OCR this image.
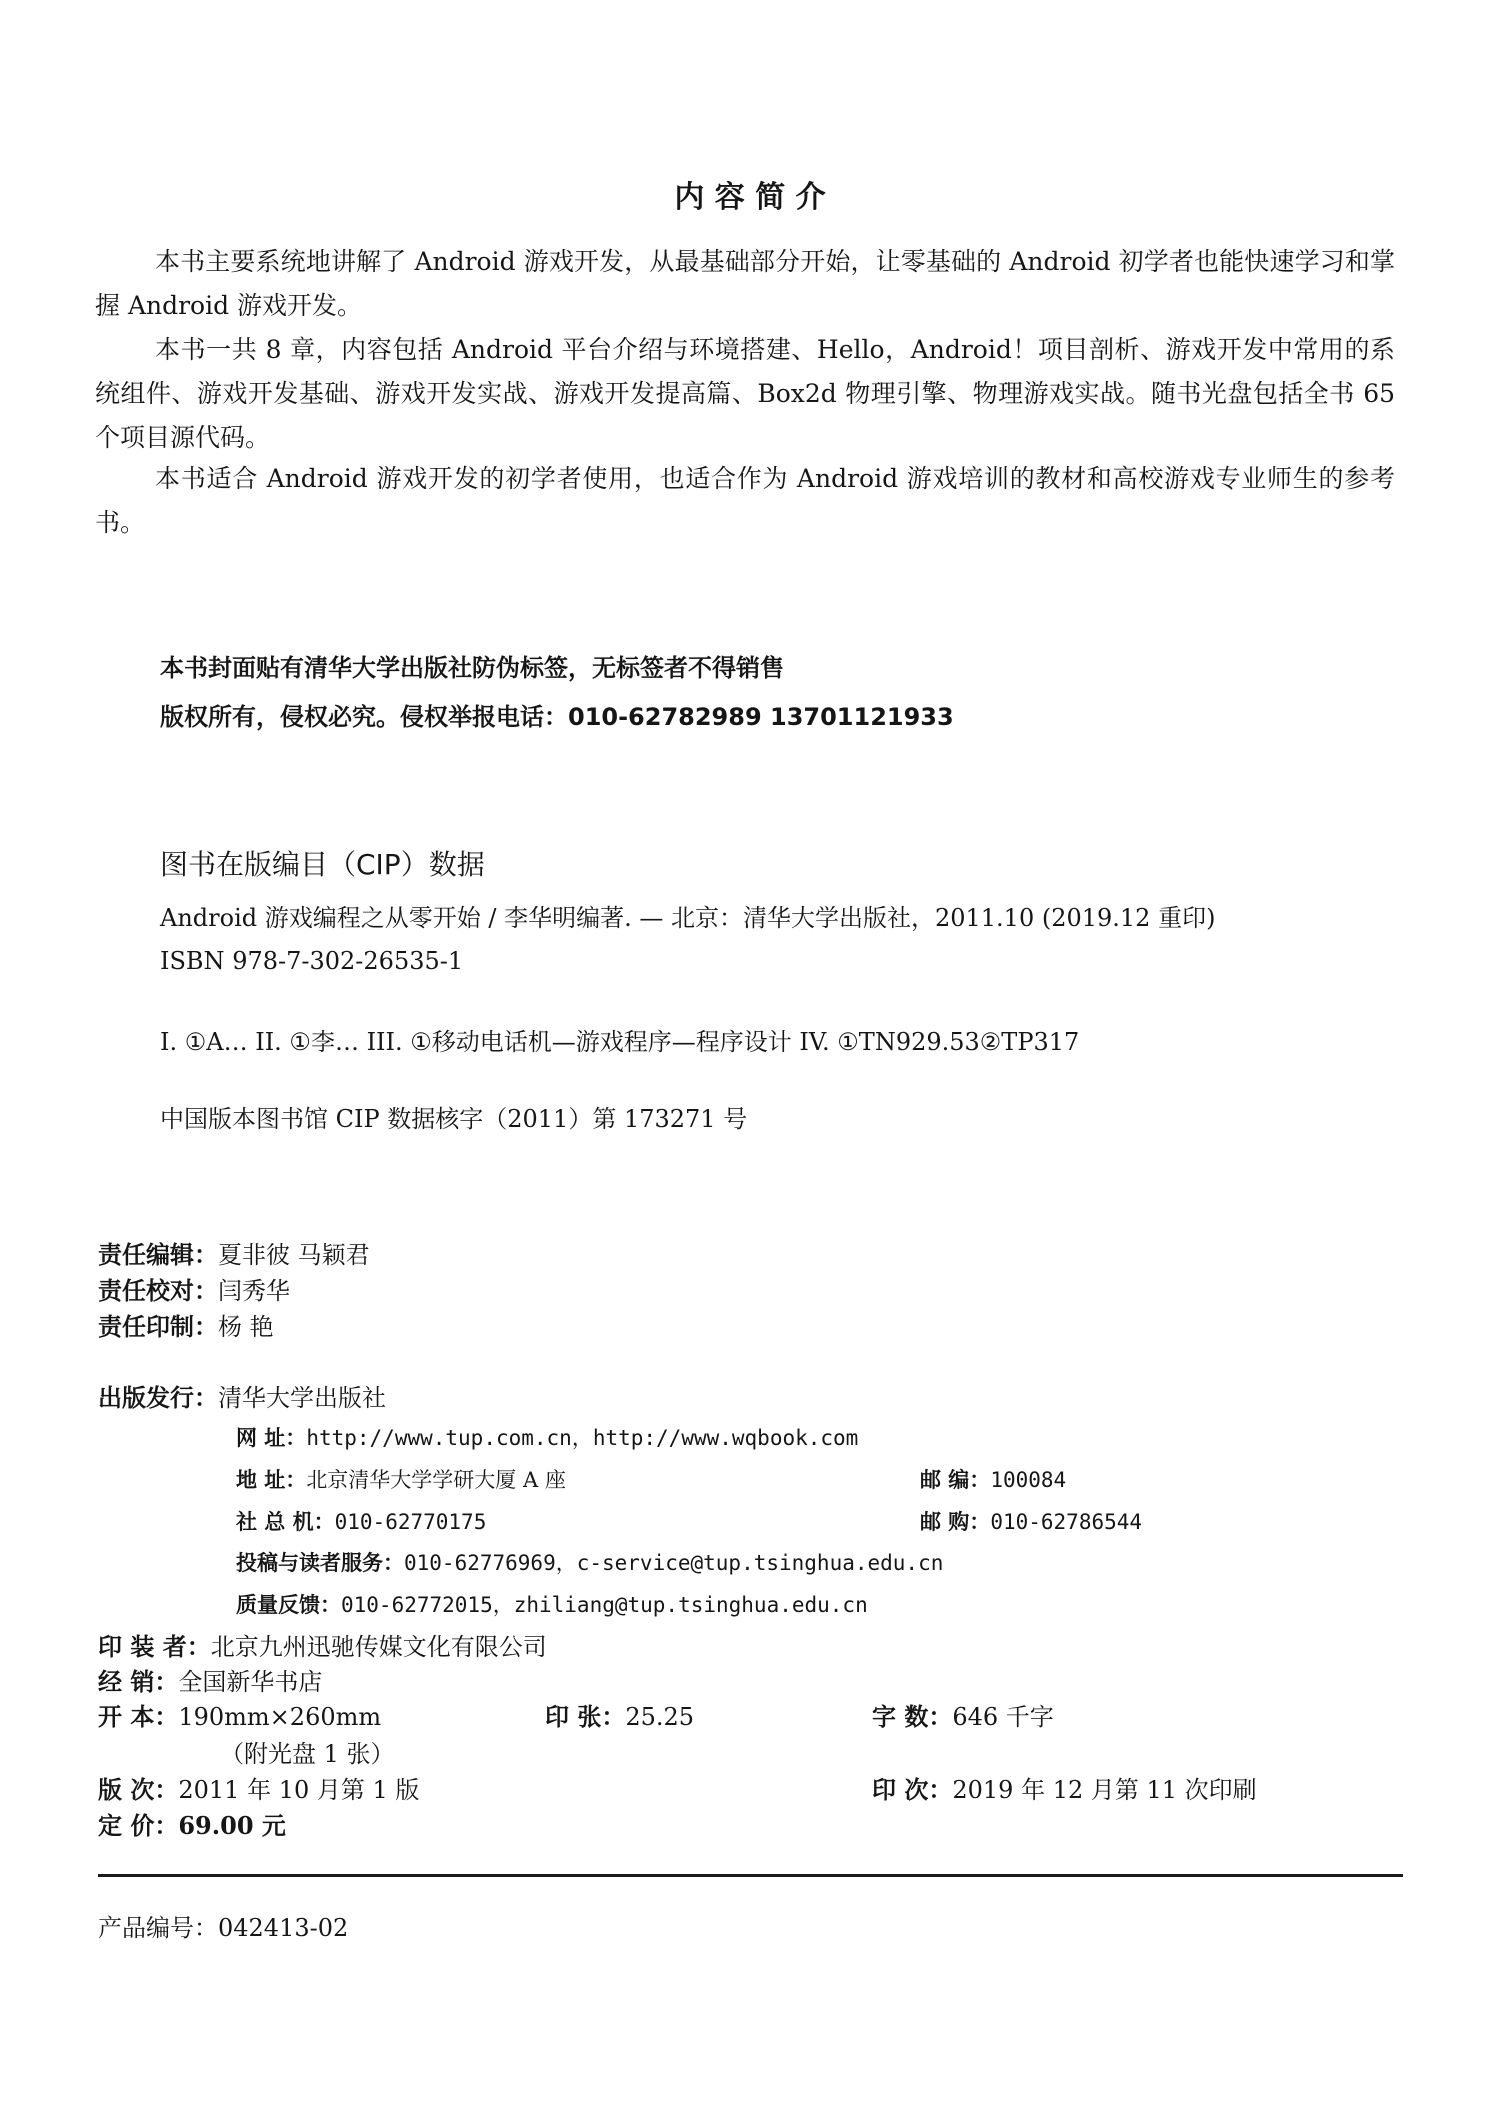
内 容 简 介
本书主要系统地讲解了 Android 游戏开发，从最基础部分开始，让零基础的 Android 初学者也能快速学习和掌握 Android 游戏开发。
本书一共 8 章，内容包括 Android 平台介绍与环境搭建、Hello，Android！项目剖析、游戏开发中常用的系统组件、游戏开发基础、游戏开发实战、游戏开发提高篇、Box2d 物理引擎、物理游戏实战。随书光盘包括全书 65 个项目源代码。
本书适合 Android 游戏开发的初学者使用，也适合作为 Android 游戏培训的教材和高校游戏专业师生的参考书。
本书封面贴有清华大学出版社防伪标签，无标签者不得销售
版权所有，侵权必究。侵权举报电话：010-62782989 13701121933
图书在版编目（CIP）数据
Android 游戏编程之从零开始 / 李华明编著. — 北京：清华大学出版社，2011.10 (2019.12 重印)
ISBN 978-7-302-26535-1
I. ①A… II. ①李… III. ①移动电话机—游戏程序—程序设计 IV. ①TN929.53②TP317
中国版本图书馆 CIP 数据核字（2011）第 173271 号
责任编辑：夏非彼 马颖君
责任校对：闫秀华
责任印制：杨 艳
出版发行：清华大学出版社
网 址：http://www.tup.com.cn，http://www.wqbook.com
地 址：北京清华大学学研大厦 A 座	邮 编：100084
社 总 机：010-62770175	邮 购：010-62786544
投稿与读者服务：010-62776969，c-service@tup.tsinghua.edu.cn
质量反馈：010-62772015，zhiliang@tup.tsinghua.edu.cn
印 装 者：北京九州迅驰传媒文化有限公司
经 销：全国新华书店
开 本：190mm×260mm	印 张：25.25	字 数：646 千字
（附光盘 1 张）
版 次：2011 年 10 月第 1 版	印 次：2019 年 12 月第 11 次印刷
定 价：69.00 元
产品编号：042413-02
